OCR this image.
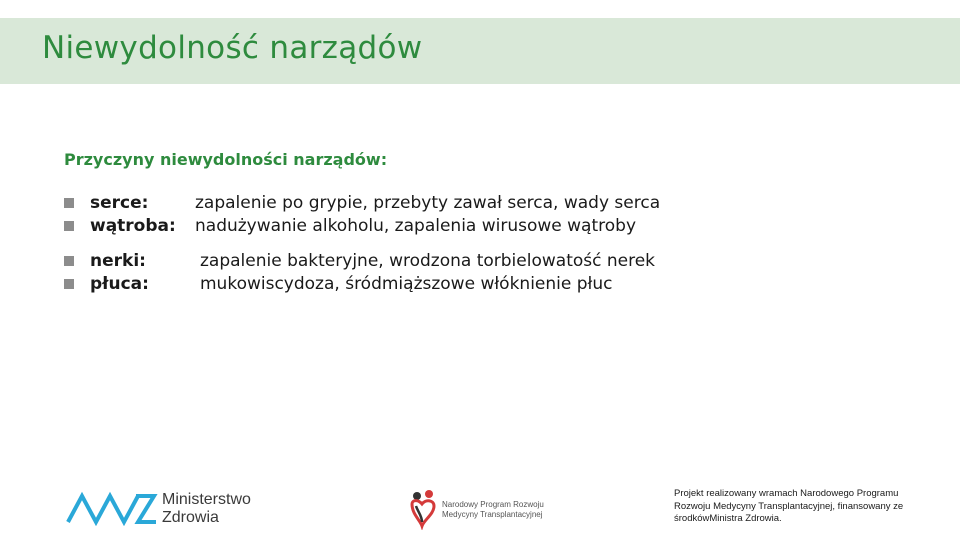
Niewydolność narządów
Przyczyny niewydolności narządów:
serce:	zapalenie po grypie, przebyty zawał serca, wady serca
wątroba: nadużywanie alkoholu, zapalenia wirusowe wątroby
nerki:	zapalenie bakteryjne, wrodzona torbielowatość nerek
płuca:	mukowiscydoza, śródmiąższowe włóknienie płuc
Ministerstwo
Zdrowia
Narodowy Program Rozwoju
Medycyny Transplantacyjnej
Projekt realizowany wramach Narodowego Programu Rozwoju Medycyny Transplantacyjnej, finansowany ze środkówMinistra Zdrowia.
